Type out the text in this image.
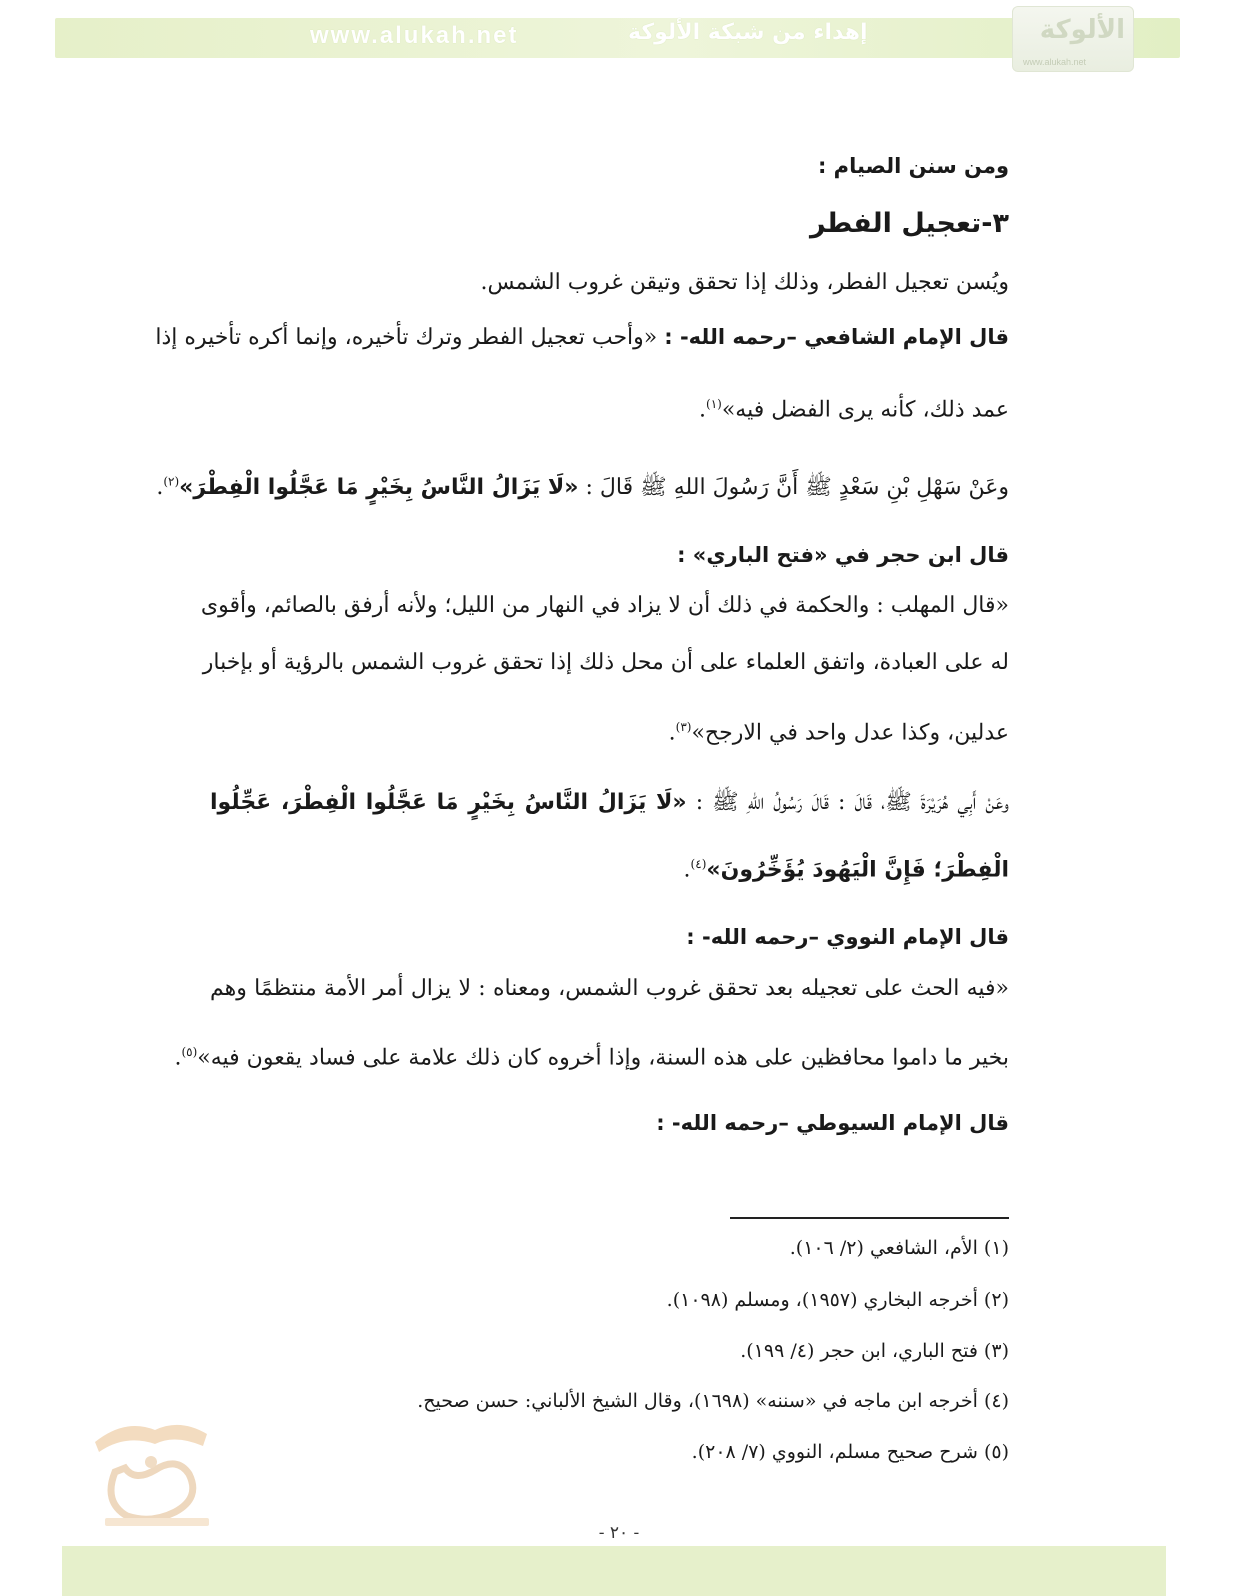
www.alukah.net	إهداء من شبكة الألوكة	الألوكة
www.alukah.net
ومن سنن الصيام :
٣-تعجيل الفطر
ويُسن تعجيل الفطر، وذلك إذا تحقق وتيقن غروب الشمس.
قال الإمام الشافعي –رحمه الله- : «وأحب تعجيل الفطر وترك تأخيره، وإنما أكره تأخيره إذا
عمد ذلك، كأنه يرى الفضل فيه»$^{(١)}$.
وعَنْ سَهْلِ بْنِ سَعْدٍ ﷺ أَنَّ رَسُولَ اللهِ ﷺ قَالَ : «لَا يَزَالُ النَّاسُ بِخَيْرٍ مَا عَجَّلُوا الْفِطْرَ»$^{(٢)}$.
قال ابن حجر في «فتح الباري» :
«قال المهلب : والحكمة في ذلك أن لا يزاد في النهار من الليل؛ ولأنه أرفق بالصائم، وأقوى
له على العبادة، واتفق العلماء على أن محل ذلك إذا تحقق غروب الشمس بالرؤية أو بإخبار
عدلين، وكذا عدل واحد في الارجح»$^{(٣)}$.
وعَنْ أَبِي هُرَيْرَةَ ﷺ، قَالَ : قَالَ رَسُولُ اللهِ ﷺ : «لَا يَزَالُ النَّاسُ بِخَيْرٍ مَا عَجَّلُوا الْفِطْرَ، عَجِّلُوا
الْفِطْرَ؛ فَإِنَّ الْيَهُودَ يُؤَخِّرُونَ»$^{(٤)}$.
قال الإمام النووي –رحمه الله- :
«فيه الحث على تعجيله بعد تحقق غروب الشمس، ومعناه : لا يزال أمر الأمة منتظمًا وهم
بخير ما داموا محافظين على هذه السنة، وإذا أخروه كان ذلك علامة على فساد يقعون فيه»$^{(٥)}$.
قال الإمام السيوطي –رحمه الله- :
(١) الأم، الشافعي (٢/ ١٠٦).
(٢) أخرجه البخاري (١٩٥٧)، ومسلم (١٠٩٨).
(٣) فتح الباري، ابن حجر (٤/ ١٩٩).
(٤) أخرجه ابن ماجه في «سننه» (١٦٩٨)، وقال الشيخ الألباني: حسن صحيح.
(٥) شرح صحيح مسلم، النووي (٧/ ٢٠٨).
- ٢٠ -
